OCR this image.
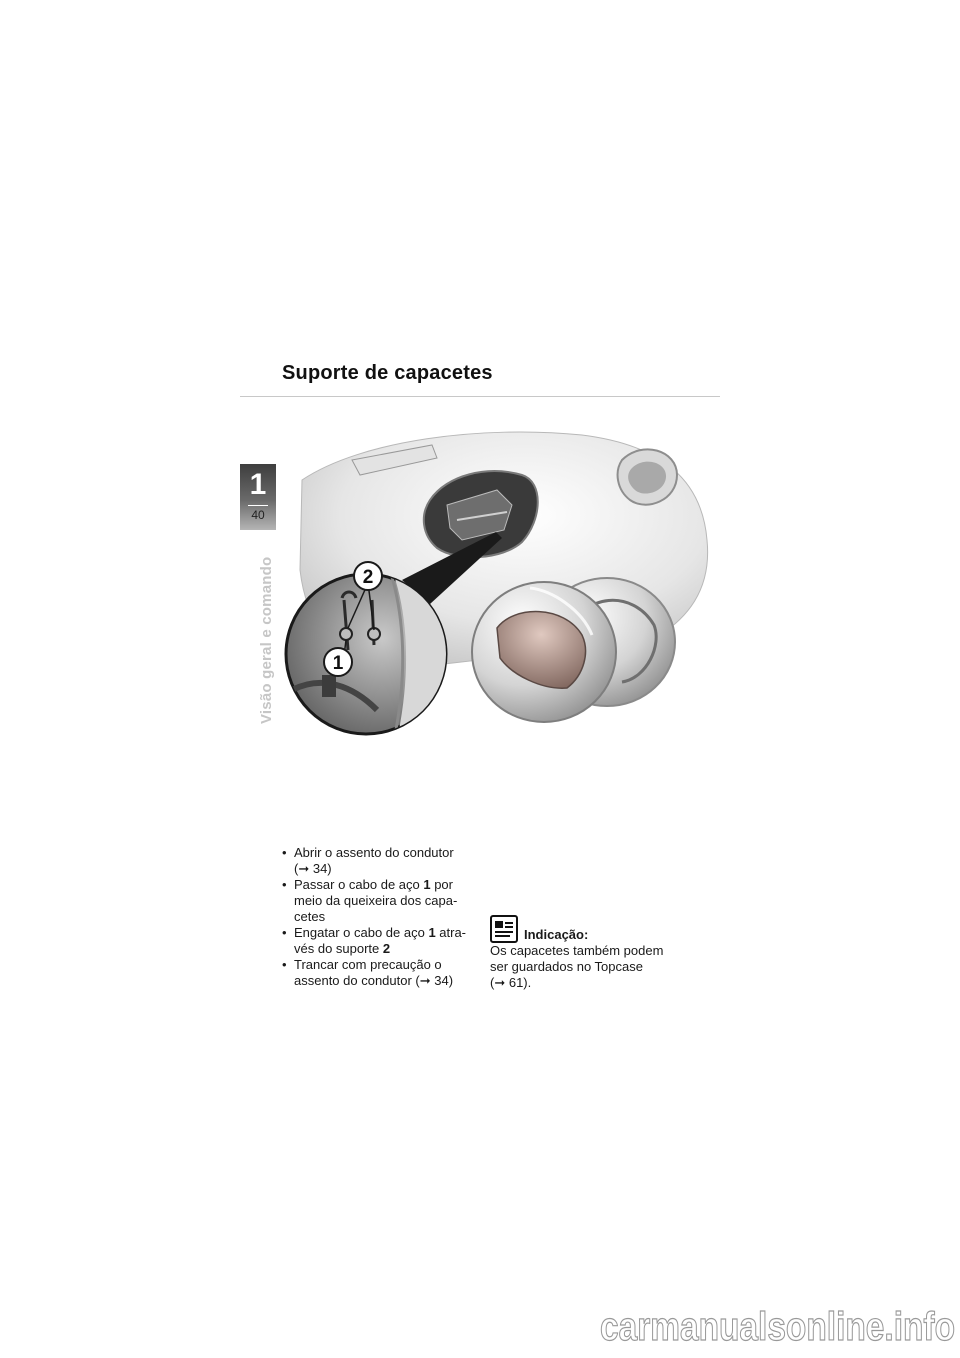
Suporte de capacetes
1
40
Visão geral e comando	2
1
• Abrir o assento do condutor
(➞ 34)
• Passar o cabo de aço 1 por meio da queixeira dos capa- cetes
• Engatar o cabo de aço 1 atra- vés do suporte 2
• Trancar com precaução o assento do condutor (➞ 34)
Indicação:
Os capacetes também podem
ser guardados no Topcase
(➞ 61).
carmanualsonline.info
